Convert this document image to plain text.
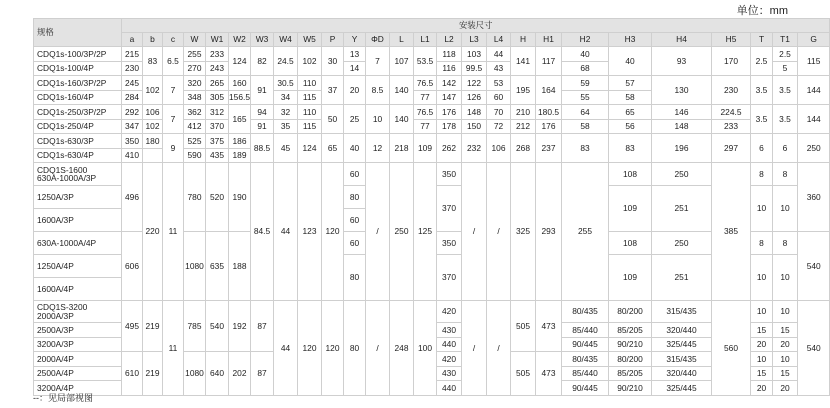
单位：mm
规格	安装尺寸																									
	a	b	c	W	W1	W2	W3	W4	W5	P	Y	ΦD	L	L1	L2	L3	L4	H	H1	H2	H3	H4	H5	T	T1	G
CDQ1s-100/3P/2P	215	83	6.5	255	233	124	82	24.5	102	30	13	7	107	53.5	118	103	44	141	117	40	40	93	170	2.5	2.5	115
CDQ1s-100/4P	230			270	243						14				116	99.5	43			68					5	
CDQ1s-160/3P/2P	245	102	7	320	265	160	91	30.5	110	37	20	8.5	140	76.5	142	122	53	195	164	59	57	130	230	3.5	3.5	144
CDQ1s-160/4P	284			348	305	156.5		34	115					77	147	126	60			55	58					
CDQ1s-250/3P/2P	292	106	7	362	312	165	94	32	110	50	25	10	140	76.5	176	148	70	210	180.5	64	65	146	224.5	3.5	3.5	144
CDQ1s-250/4P	347	102		412	370		91	35	115					77	178	150	72	212	176	58	56	148	233			
CDQ1s-630/3P	350	180	9	525	375	186	88.5	45	124	65	40	12	218	109	262	232	106	268	237	83	83	196	297	6	6	250
CDQ1s-630/4P	410			590	435	189																				
CDQ1S-1600
630A-1000A/3P	496	220	11	780	520	190	84.5	44	123	120	60	/	250	125	350	/	/	325	293	255	108	250	385	8	8	360
1250A/3P											80				370						109	251		10	10	
1600A/3P											60															
630A-1000A/4P	606			1080	635	188					60				350						108	250		8	8	540
1250A/4P											80				370						109	251		10	10	
1600A/4P																										
CDQ1S-3200
2000A/3P	495	219	11	785	540	192	87	44	120	120	80	/	248	100	420	/	/	505	473	80/435	80/200	315/435	560	10	10	540
2500A/3P															430					85/440	85/205	320/440		15	15	
3200A/3P															440					90/445	90/210	325/445		20	20	
2000A/4P	610	219		1080	640	202	87								420			505	473	80/435	80/200	315/435		10	10	
2500A/4P															430					85/440	85/205	320/440		15	15	
3200A/4P															440					90/445	90/210	325/445		20	20	
--：见局部视图
